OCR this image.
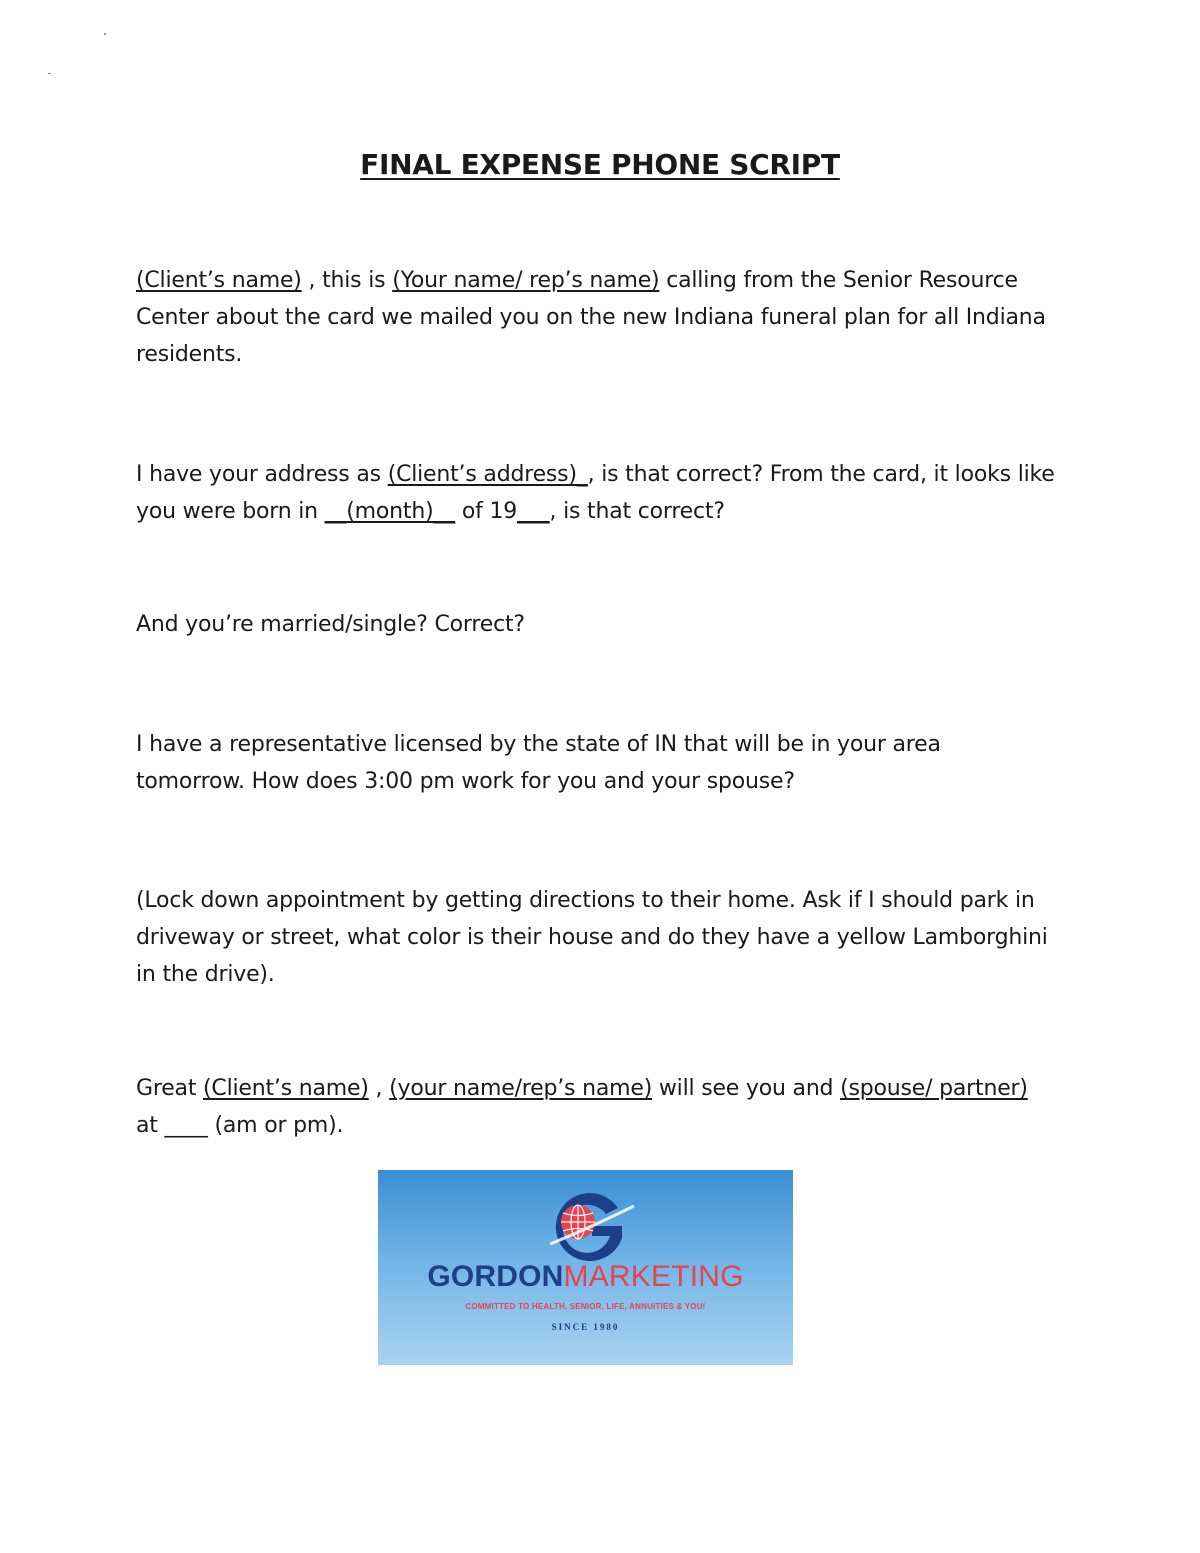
FINAL EXPENSE PHONE SCRIPT
(Client’s name) , this is (Your name/ rep’s name) calling from the Senior Resource Center about the card we mailed you on the new Indiana funeral plan for all Indiana residents.
I have your address as (Client’s address)_, is that correct? From the card, it looks like you were born in __(month)__ of 19___, is that correct?
And you’re married/single? Correct?
I have a representative licensed by the state of IN that will be in your area tomorrow. How does 3:00 pm work for you and your spouse?
(Lock down appointment by getting directions to their home. Ask if I should park in driveway or street, what color is their house and do they have a yellow Lamborghini in the drive).
Great (Client’s name) , (your name/rep’s name) will see you and (spouse/ partner) at ____ (am or pm).
GORDONMARKETING
COMMITTED TO HEALTH, SENIOR, LIFE, ANNUITIES & YOU!
SINCE 1980
